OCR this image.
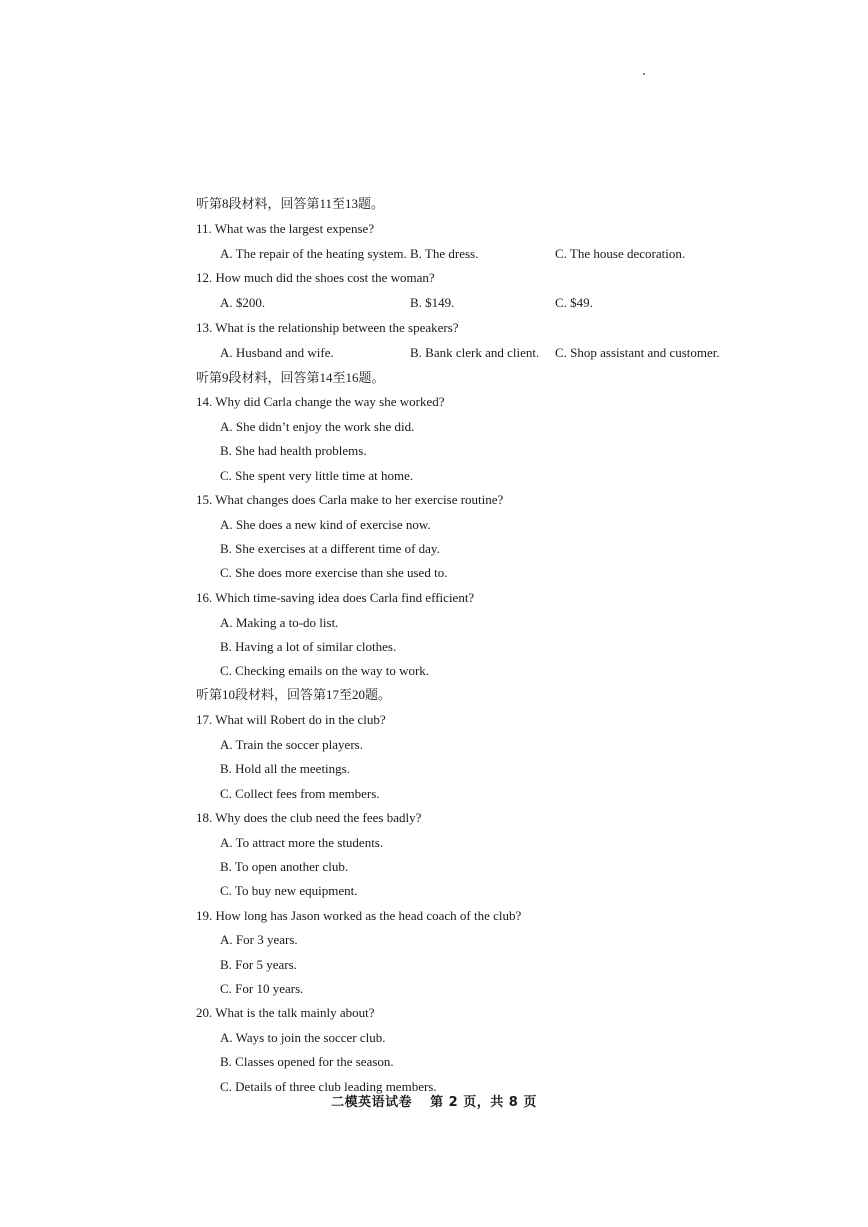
听第8段材料，回答第11至13题。
11. What was the largest expense?
A. The repair of the heating system. B. The dress.	C. The house decoration.
12. How much did the shoes cost the woman?
A. $200.	B. $149.	C. $49.
13. What is the relationship between the speakers?
A. Husband and wife.	B. Bank clerk and client. C. Shop assistant and customer.
听第9段材料，回答第14至16题。
14. Why did Carla change the way she worked?
A. She didn’t enjoy the work she did.
B. She had health problems.
C. She spent very little time at home.
15. What changes does Carla make to her exercise routine?
A. She does a new kind of exercise now.
B. She exercises at a different time of day.
C. She does more exercise than she used to.
16. Which time-saving idea does Carla find efficient?
A. Making a to-do list.
B. Having a lot of similar clothes.
C. Checking emails on the way to work.
听第10段材料，回答第17至20题。
17. What will Robert do in the club?
A. Train the soccer players.
B. Hold all the meetings.
C. Collect fees from members.
18. Why does the club need the fees badly?
A. To attract more the students.
B. To open another club.
C. To buy new equipment.
19. How long has Jason worked as the head coach of the club?
A. For 3 years.
B. For 5 years.
C. For 10 years.
20. What is the talk mainly about?
A. Ways to join the soccer club.
B. Classes opened for the season.
C. Details of three club leading members.
二模英语试卷 第 2 页，共 8 页
